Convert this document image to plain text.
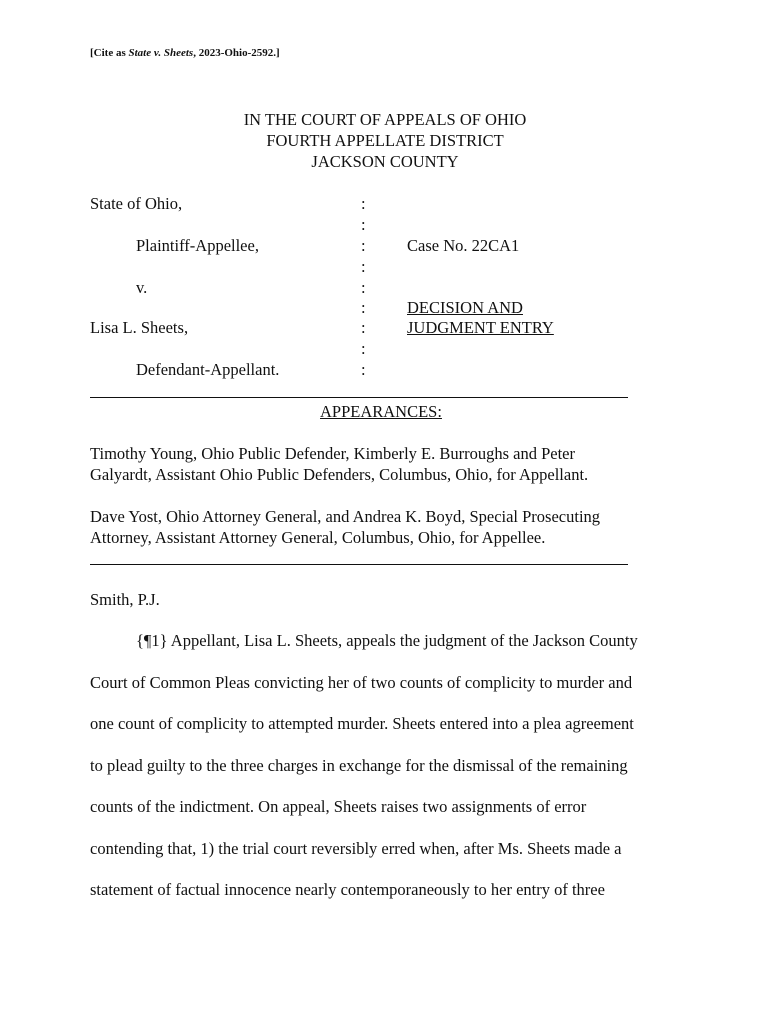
[Cite as State v. Sheets, 2023-Ohio-2592.]
IN THE COURT OF APPEALS OF OHIO
FOURTH APPELLATE DISTRICT
JACKSON COUNTY
State of Ohio,
Plaintiff-Appellee,
v.
Lisa L. Sheets,
Defendant-Appellant.
:
:
:
:
:
:
:
:
:
Case No. 22CA1
DECISION AND
JUDGMENT ENTRY
APPEARANCES:
Timothy Young, Ohio Public Defender, Kimberly E. Burroughs and Peter
Galyardt, Assistant Ohio Public Defenders, Columbus, Ohio, for Appellant.
Dave Yost, Ohio Attorney General, and Andrea K. Boyd, Special Prosecuting
Attorney, Assistant Attorney General, Columbus, Ohio, for Appellee.
Smith, P.J.
{¶1} Appellant, Lisa L. Sheets, appeals the judgment of the Jackson County
Court of Common Pleas convicting her of two counts of complicity to murder and
one count of complicity to attempted murder. Sheets entered into a plea agreement
to plead guilty to the three charges in exchange for the dismissal of the remaining
counts of the indictment. On appeal, Sheets raises two assignments of error
contending that, 1) the trial court reversibly erred when, after Ms. Sheets made a
statement of factual innocence nearly contemporaneously to her entry of three
